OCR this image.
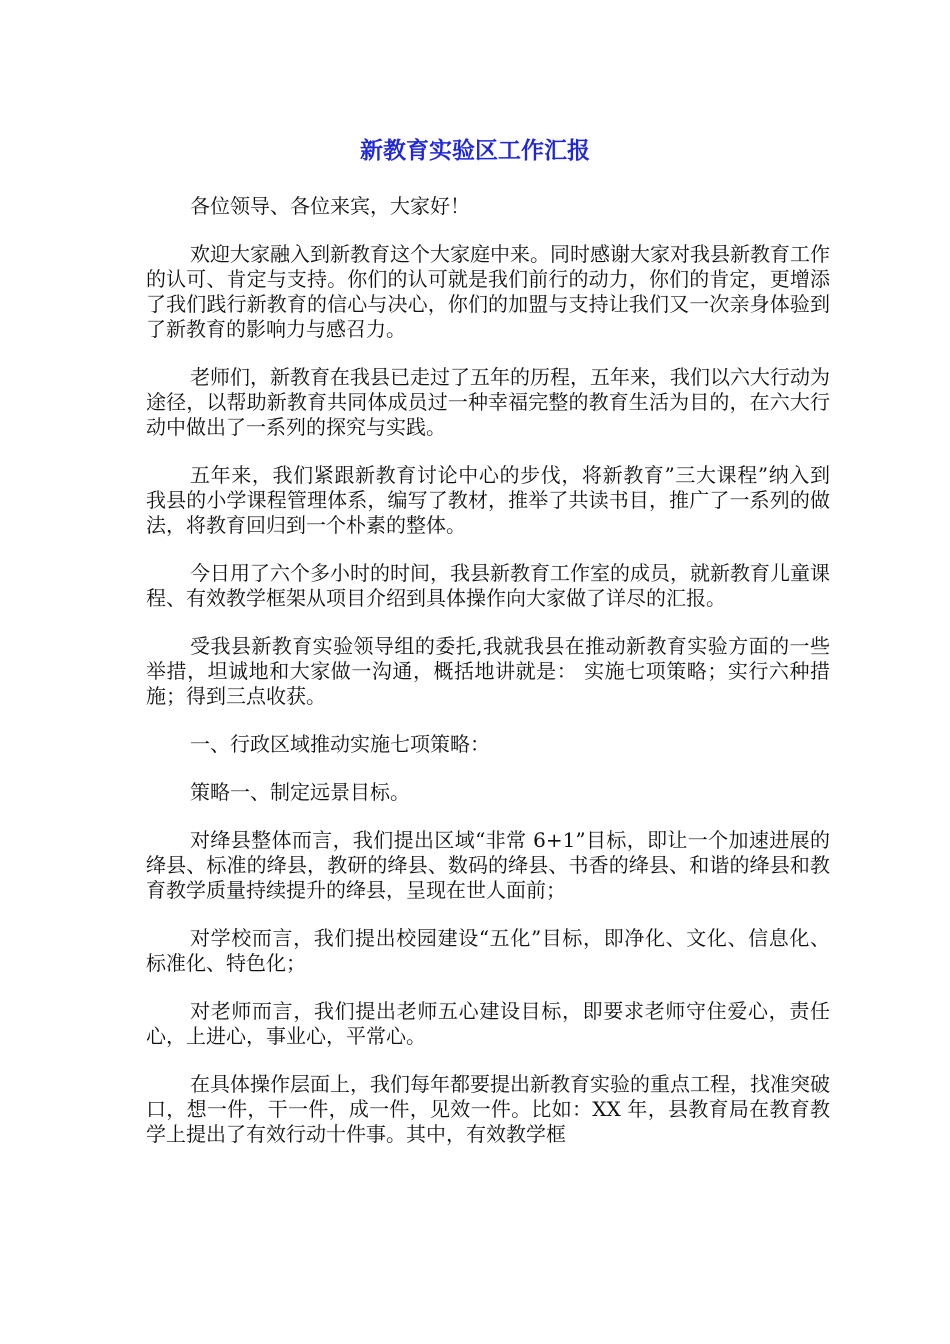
新教育实验区工作汇报

各位领导、各位来宾，大家好！

欢迎大家融入到新教育这个大家庭中来。同时感谢大家对我县新教育工作的认可、肯定与支持。你们的认可就是我们前行的动力，你们的肯定，更增添了我们践行新教育的信心与决心，你们的加盟与支持让我们又一次亲身体验到了新教育的影响力与感召力。

老师们，新教育在我县已走过了五年的历程，五年来，我们以六大行动为途径，以帮助新教育共同体成员过一种幸福完整的教育生活为目的，在六大行动中做出了一系列的探究与实践。

五年来，我们紧跟新教育讨论中心的步伐，将新教育”三大课程”纳入到我县的小学课程管理体系，编写了教材，推举了共读书目，推广了一系列的做法，将教育回归到一个朴素的整体。

今日用了六个多小时的时间，我县新教育工作室的成员，就新教育儿童课程、有效教学框架从项目介绍到具体操作向大家做了详尽的汇报。

受我县新教育实验领导组的委托,我就我县在推动新教育实验方面的一些举措，坦诚地和大家做一沟通，概括地讲就是： 实施七项策略；实行六种措施；得到三点收获。

一、行政区域推动实施七项策略：

策略一、制定远景目标。

对绛县整体而言，我们提出区域“非常 6+1”目标，即让一个加速进展的绛县、标准的绛县，教研的绛县、数码的绛县、书香的绛县、和谐的绛县和教育教学质量持续提升的绛县，呈现在世人面前；

对学校而言，我们提出校园建设“五化”目标，即净化、文化、信息化、标准化、特色化；

对老师而言，我们提出老师五心建设目标，即要求老师守住爱心，责任心，上进心，事业心，平常心。

在具体操作层面上，我们每年都要提出新教育实验的重点工程，找准突破口，想一件，干一件，成一件，见效一件。比如：XX 年，县教育局在教育教学上提出了有效行动十件事。其中，有效教学框
